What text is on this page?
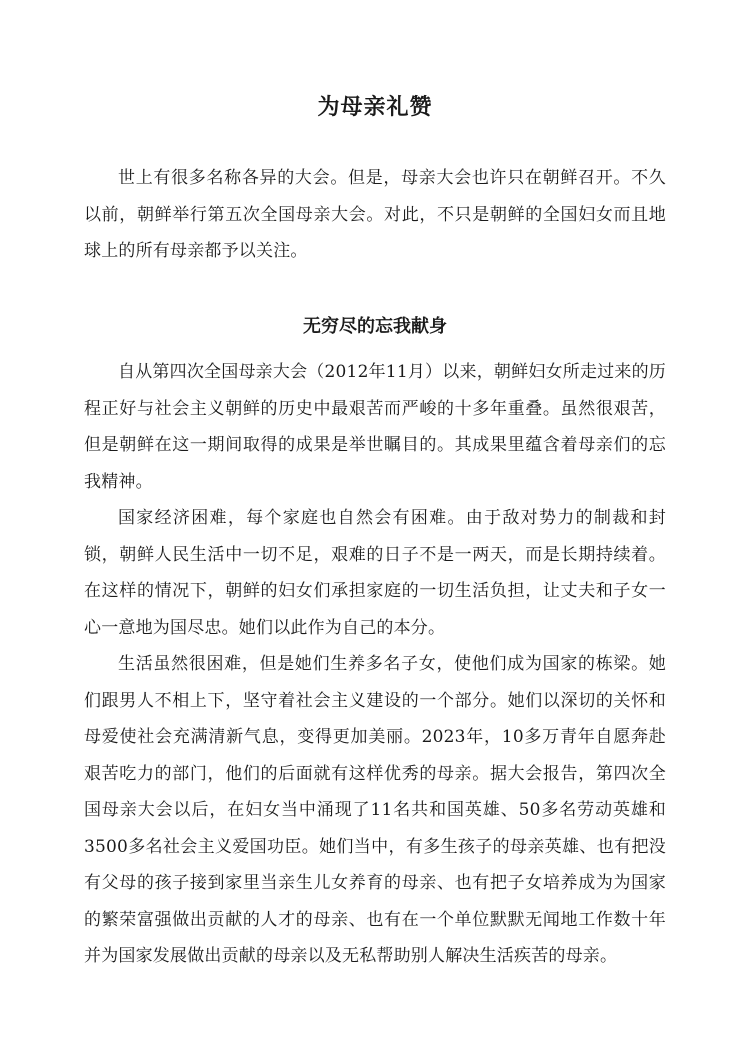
为母亲礼赞

世上有很多名称各异的大会。但是，母亲大会也许只在朝鲜召开。不久以前，朝鲜举行第五次全国母亲大会。对此，不只是朝鲜的全国妇女而且地球上的所有母亲都予以关注。

无穷尽的忘我献身

自从第四次全国母亲大会（2012年11月）以来，朝鲜妇女所走过来的历程正好与社会主义朝鲜的历史中最艰苦而严峻的十多年重叠。虽然很艰苦，但是朝鲜在这一期间取得的成果是举世瞩目的。其成果里蕴含着母亲们的忘我精神。

国家经济困难，每个家庭也自然会有困难。由于敌对势力的制裁和封锁，朝鲜人民生活中一切不足，艰难的日子不是一两天，而是长期持续着。在这样的情况下，朝鲜的妇女们承担家庭的一切生活负担，让丈夫和子女一心一意地为国尽忠。她们以此作为自己的本分。

生活虽然很困难，但是她们生养多名子女，使他们成为国家的栋梁。她们跟男人不相上下，坚守着社会主义建设的一个部分。她们以深切的关怀和母爱使社会充满清新气息，变得更加美丽。2023年，10多万青年自愿奔赴艰苦吃力的部门，他们的后面就有这样优秀的母亲。据大会报告，第四次全国母亲大会以后，在妇女当中涌现了11名共和国英雄、50多名劳动英雄和3500多名社会主义爱国功臣。她们当中，有多生孩子的母亲英雄、也有把没有父母的孩子接到家里当亲生儿女养育的母亲、也有把子女培养成为为国家的繁荣富强做出贡献的人才的母亲、也有在一个单位默默无闻地工作数十年并为国家发展做出贡献的母亲以及无私帮助别人解决生活疾苦的母亲。
